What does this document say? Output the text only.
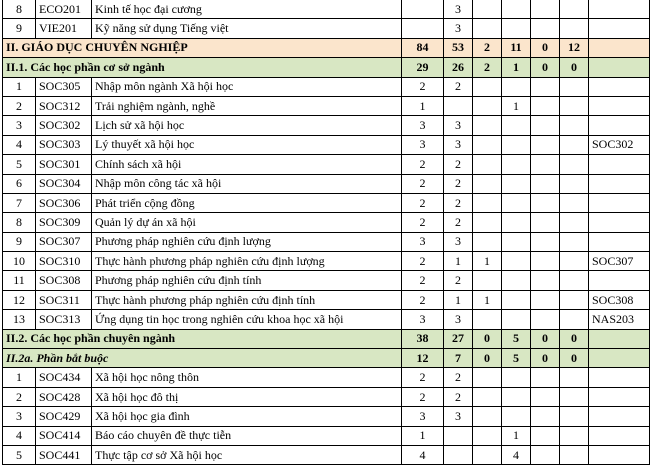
8	ECO201	Kinh tế học đại cương		3					
9	VIE201	Kỹ năng sử dụng Tiếng việt		3					
II. GIÁO DỤC CHUYÊN NGHIỆP			84	53	2	11	0	12	
II.1. Các học phần cơ sở ngành			29	26	2	1	0	0	
1	SOC305	Nhập môn ngành Xã hội học	2	2					
2	SOC312	Trải nghiệm ngành, nghề	1			1			
3	SOC302	Lịch sử xã hội học	3	3					
4	SOC303	Lý thuyết xã hội học	3	3					SOC302
5	SOC301	Chính sách xã hội	2	2					
6	SOC304	Nhập môn công tác xã hội	2	2					
7	SOC306	Phát triển cộng đồng	2	2					
8	SOC309	Quản lý dự án xã hội	2	2					
9	SOC307	Phương pháp nghiên cứu định lượng	3	3					
10	SOC310	Thực hành phương pháp nghiên cứu định lượng	2	1	1				SOC307
11	SOC308	Phương pháp nghiên cứu định tính	2	2					
12	SOC311	Thực hành phương pháp nghiên cứu định tính	2	1	1				SOC308
13	SOC313	Ứng dụng tin học trong nghiên cứu khoa học xã hội	3	3					NAS203
II.2. Các học phần chuyên ngành			38	27	0	5	0	0	
II.2a. Phần bắt buộc			12	7	0	5	0	0	
1	SOC434	Xã hội học nông thôn	2	2					
2	SOC428	Xã hội học đô thị	2	2					
3	SOC429	Xã hội học gia đình	3	3					
4	SOC414	Báo cáo chuyên đề thực tiễn	1			1			
5	SOC441	Thực tập cơ sở Xã hội học	4			4			
